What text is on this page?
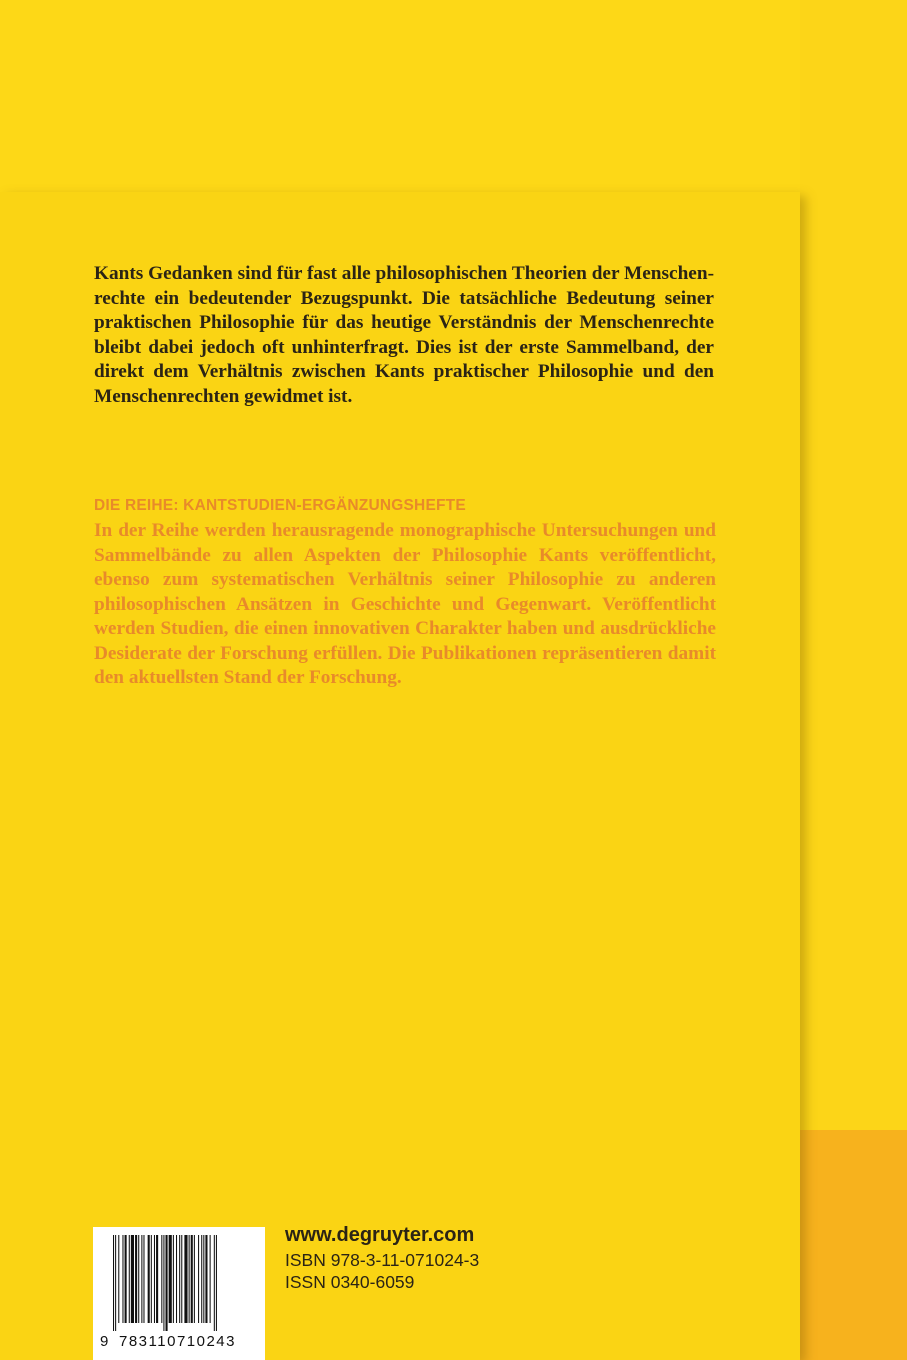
Kants Gedanken sind für fast alle philosophischen Theorien der Menschenrechte ein bedeutender Bezugspunkt. Die tatsächliche Bedeutung seiner praktischen Philosophie für das heutige Verständnis der Menschenrechte bleibt dabei jedoch oft unhinterfragt. Dies ist der erste Sammelband, der direkt dem Verhältnis zwischen Kants praktischer Philosophie und den Menschenrechten gewidmet ist.

DIE REIHE: KANTSTUDIEN-ERGÄNZUNGSHEFTE

In der Reihe werden herausragende monographische Untersuchungen und Sammelbände zu allen Aspekten der Philosophie Kants veröffentlicht, ebenso zum systematischen Verhältnis seiner Philosophie zu anderen philosophischen Ansätzen in Geschichte und Gegenwart. Veröffentlicht werden Studien, die einen innovativen Charakter haben und ausdrückliche Desiderate der Forschung erfüllen. Die Publikationen repräsentieren damit den aktuellsten Stand der Forschung.

9 783110710243

www.degruyter.com

ISBN 978-3-11-071024-3

ISSN 0340-6059
